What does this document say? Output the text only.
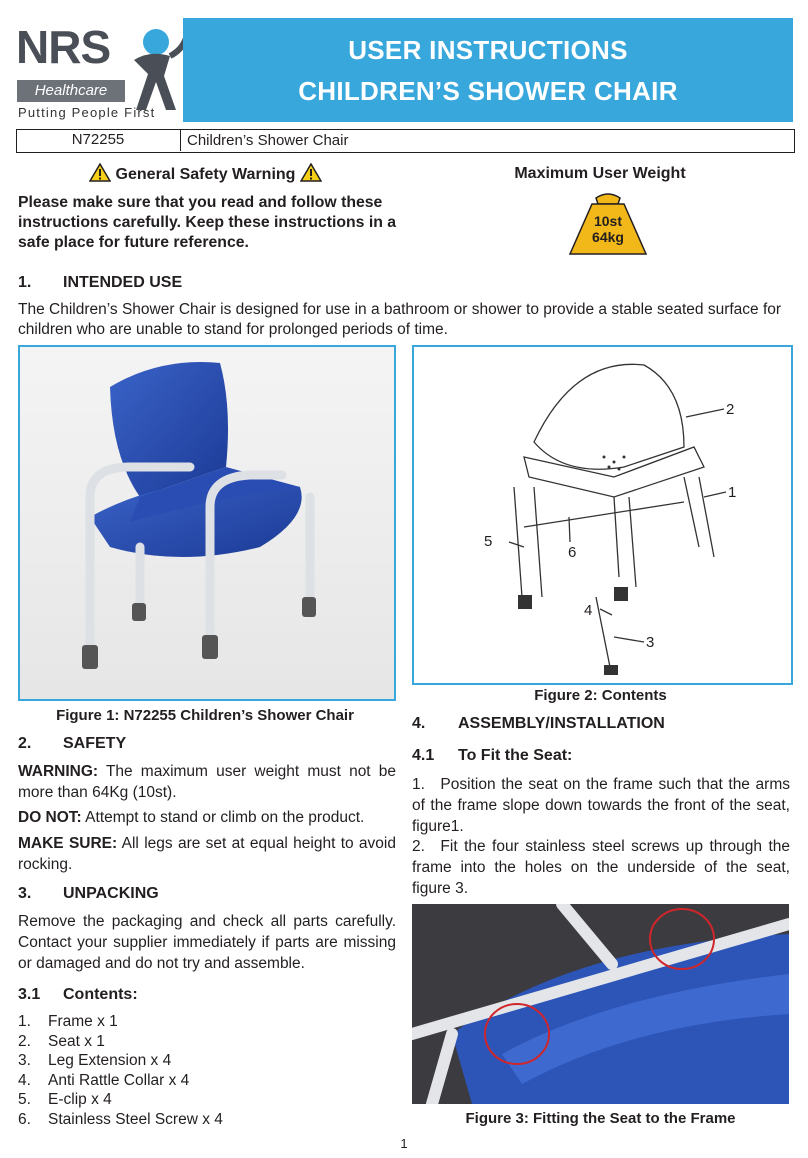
NRS
Healthcare
Putting People First
USER INSTRUCTIONS
CHILDREN’S SHOWER CHAIR
N72255	Children’s Shower Chair
General Safety Warning
Please make sure that you read and follow these instructions carefully. Keep these instructions in a safe place for future reference.
Maximum User Weight
10st
64kg
1. INTENDED USE
The Children’s Shower Chair is designed for use in a bathroom or shower to provide a stable seated surface for children who are unable to stand for prolonged periods of time.
Figure 1: N72255 Children’s Shower Chair
2
1
5
6
4
3
Figure 2: Contents
2. SAFETY
WARNING: The maximum user weight must not be more than 64Kg (10st).
DO NOT: Attempt to stand or climb on the product.
MAKE SURE: All legs are set at equal height to avoid rocking.
3. UNPACKING
Remove the packaging and check all parts carefully. Contact your supplier immediately if parts are missing or damaged and do not try and assemble.
3.1 Contents:
1. Frame x 1
2. Seat x 1
3. Leg Extension x 4
4. Anti Rattle Collar x 4
5. E-clip x 4
6. Stainless Steel Screw x 4
4. ASSEMBLY/INSTALLATION
4.1 To Fit the Seat:
1. Position the seat on the frame such that the arms of the frame slope down towards the front of the seat, figure1.
2. Fit the four stainless steel screws up through the frame into the holes on the underside of the seat, figure 3.
Figure 3: Fitting the Seat to the Frame
1
